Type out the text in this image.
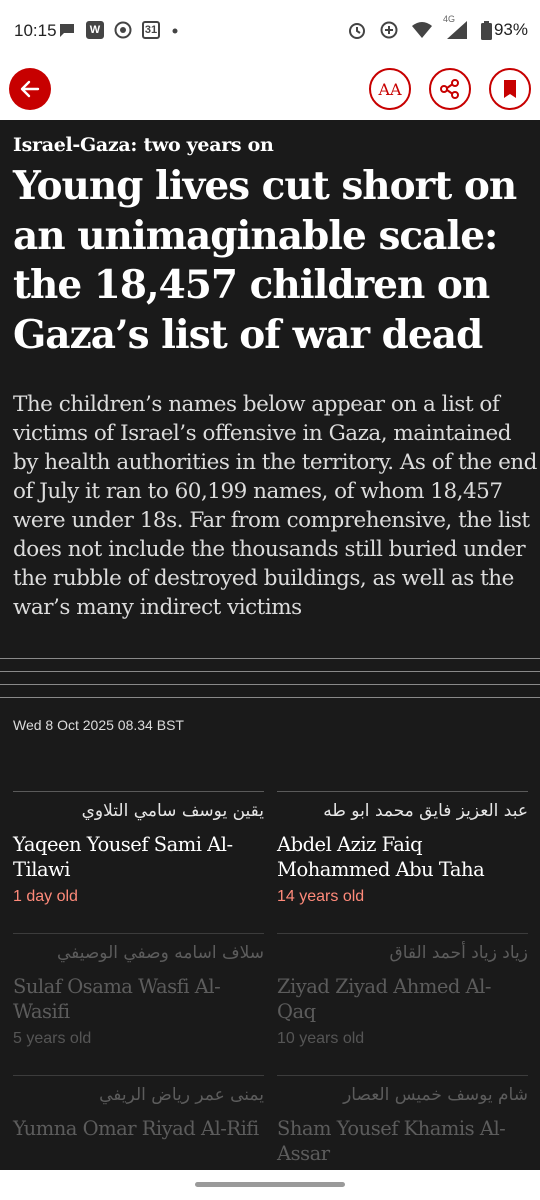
10:15	W	31
4G
93%
AA
Israel-Gaza: two years on
Young lives cut short on an unimaginable scale: the 18,457 children on Gaza’s list of war dead

The children’s names below appear on a list of victims of Israel’s offensive in Gaza, maintained by health authorities in the territory. As of the end of July it ran to 60,199 names, of whom 18,457 were under 18s. Far from comprehensive, the list does not include the thousands still buried under the rubble of destroyed buildings, as well as the war’s many indirect victims

Wed 8 Oct 2025 08.34 BST
يقين يوسف سامي التلاوي
Yaqeen Yousef Sami Al-Tilawi
1 day old
عبد العزيز فايق محمد ابو طه
Abdel Aziz Faiq Mohammed Abu Taha
14 years old
سلاف اسامه وصفي الوصيفي
Sulaf Osama Wasfi Al-Wasifi
5 years old
زياد زياد أحمد القاق
Ziyad Ziyad Ahmed Al-Qaq
10 years old
يمنى عمر رياض الريفي
Yumna Omar Riyad Al-Rifi
شام يوسف خميس العصار
Sham Yousef Khamis Al-Assar
